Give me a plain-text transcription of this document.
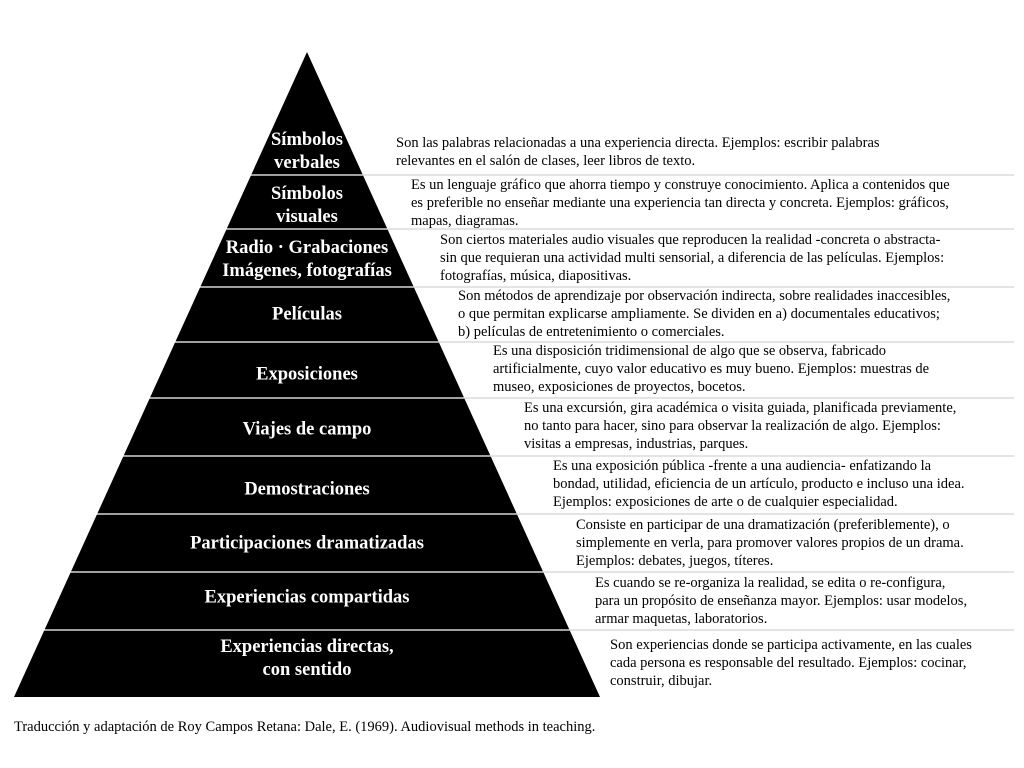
Símbolos
verbales
Símbolos
visuales
Radio · Grabaciones
Imágenes, fotografías
Películas
Exposiciones
Viajes de campo
Demostraciones
Participaciones dramatizadas
Experiencias compartidas
Experiencias directas,
con sentido
Son las palabras relacionadas a una experiencia directa. Ejemplos: escribir palabras
relevantes en el salón de clases, leer libros de texto.
Es un lenguaje gráfico que ahorra tiempo y construye conocimiento. Aplica a contenidos que
es preferible no enseñar mediante una experiencia tan directa y concreta. Ejemplos: gráficos,
mapas, diagramas.
Son ciertos materiales audio visuales que reproducen la realidad -concreta o abstracta-
sin que requieran una actividad multi sensorial, a diferencia de las películas. Ejemplos:
fotografías, música, diapositivas.
Son métodos de aprendizaje por observación indirecta, sobre realidades inaccesibles,
o que permitan explicarse ampliamente. Se dividen en a) documentales educativos;
b) películas de entretenimiento o comerciales.
Es una disposición tridimensional de algo que se observa, fabricado
artificialmente, cuyo valor educativo es muy bueno. Ejemplos: muestras de
museo, exposiciones de proyectos, bocetos.
Es una excursión, gira académica o visita guiada, planificada previamente,
no tanto para hacer, sino para observar la realización de algo. Ejemplos:
visitas a empresas, industrias, parques.
Es una exposición pública -frente a una audiencia- enfatizando la
bondad, utilidad, eficiencia de un artículo, producto e incluso una idea.
Ejemplos: exposiciones de arte o de cualquier especialidad.
Consiste en participar de una dramatización (preferiblemente), o
simplemente en verla, para promover valores propios de un drama.
Ejemplos: debates, juegos, títeres.
Es cuando se re-organiza la realidad, se edita o re-configura,
para un propósito de enseñanza mayor. Ejemplos: usar modelos,
armar maquetas, laboratorios.
Son experiencias donde se participa activamente, en las cuales
cada persona es responsable del resultado. Ejemplos: cocinar,
construir, dibujar.
Traducción y adaptación de Roy Campos Retana: Dale, E. (1969). Audiovisual methods in teaching.
